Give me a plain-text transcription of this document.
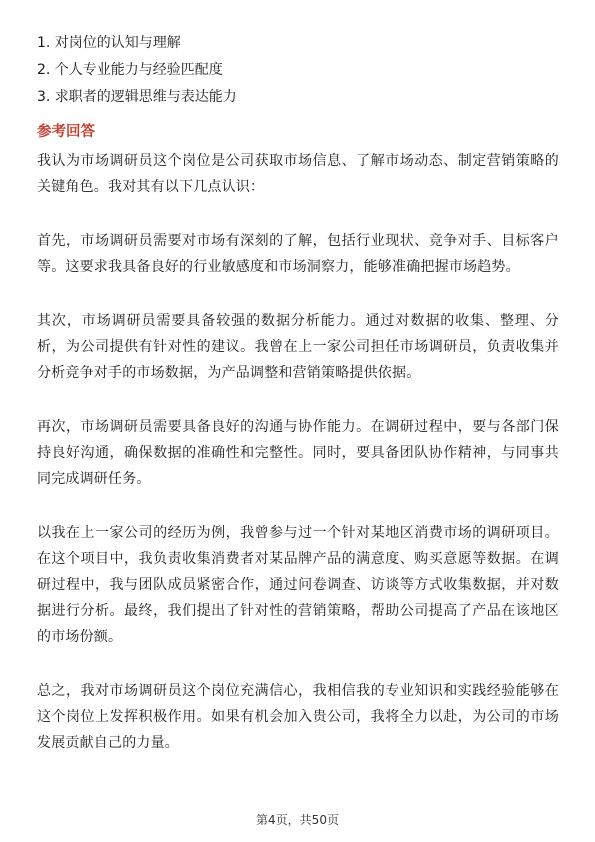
1. 对岗位的认知与理解
2. 个人专业能力与经验匹配度
3. 求职者的逻辑思维与表达能力
参考回答

我认为市场调研员这个岗位是公司获取市场信息、了解市场动态、制定营销策略的关键角色。我对其有以下几点认识：

首先，市场调研员需要对市场有深刻的了解，包括行业现状、竞争对手、目标客户等。这要求我具备良好的行业敏感度和市场洞察力，能够准确把握市场趋势。

其次，市场调研员需要具备较强的数据分析能力。通过对数据的收集、整理、分析，为公司提供有针对性的建议。我曾在上一家公司担任市场调研员，负责收集并分析竞争对手的市场数据，为产品调整和营销策略提供依据。

再次，市场调研员需要具备良好的沟通与协作能力。在调研过程中，要与各部门保持良好沟通，确保数据的准确性和完整性。同时，要具备团队协作精神，与同事共同完成调研任务。

以我在上一家公司的经历为例，我曾参与过一个针对某地区消费市场的调研项目。在这个项目中，我负责收集消费者对某品牌产品的满意度、购买意愿等数据。在调研过程中，我与团队成员紧密合作，通过问卷调查、访谈等方式收集数据，并对数据进行分析。最终，我们提出了针对性的营销策略，帮助公司提高了产品在该地区的市场份额。

总之，我对市场调研员这个岗位充满信心，我相信我的专业知识和实践经验能够在这个岗位上发挥积极作用。如果有机会加入贵公司，我将全力以赴，为公司的市场发展贡献自己的力量。

第4页，共50页
